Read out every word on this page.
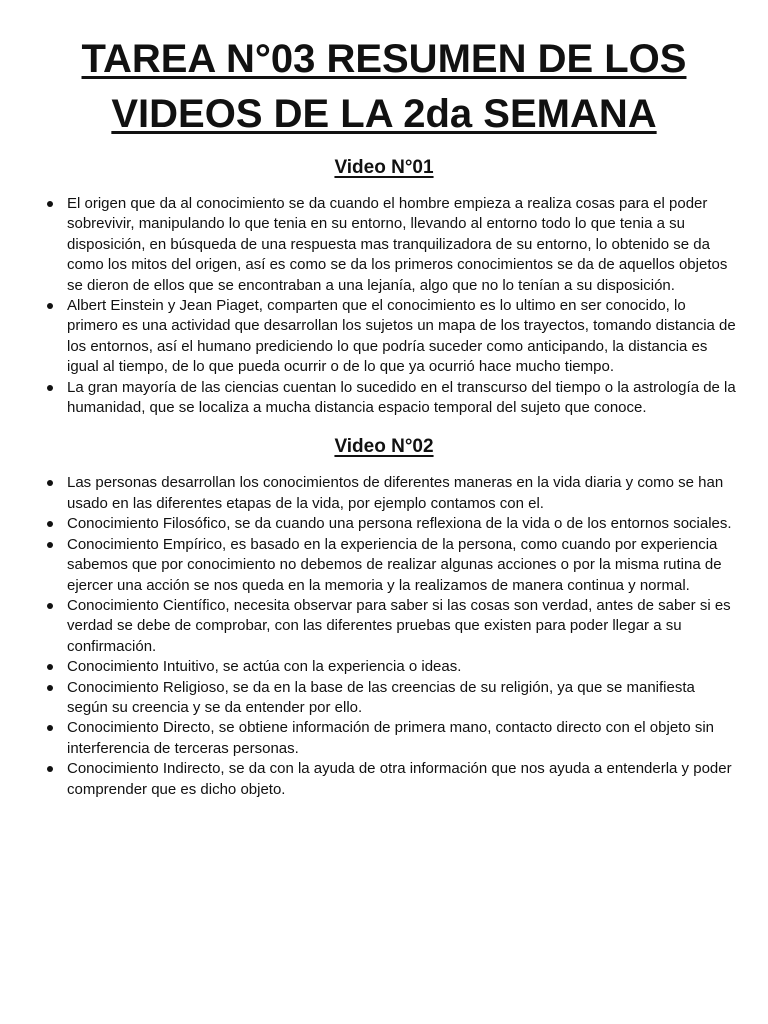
TAREA N°03 RESUMEN DE LOS VIDEOS DE LA 2da SEMANA
Video N°01
El origen que da al conocimiento se da cuando el hombre empieza a realiza cosas para el poder sobrevivir, manipulando lo que tenia en su entorno, llevando al entorno todo lo que tenia a su disposición, en búsqueda de una respuesta mas tranquilizadora de su entorno, lo obtenido se da como los mitos del origen, así es como se da los primeros conocimientos se da de aquellos objetos se dieron de ellos que se encontraban a una lejanía, algo que no lo tenían a su disposición.
Albert Einstein y Jean Piaget, comparten que el conocimiento es lo ultimo en ser conocido, lo primero es una actividad que desarrollan los sujetos un mapa de los trayectos, tomando distancia de los entornos, así el humano prediciendo lo que podría suceder como anticipando, la distancia es igual al tiempo, de lo que pueda ocurrir o de lo que ya ocurrió hace mucho tiempo.
La gran mayoría de las ciencias cuentan lo sucedido en el transcurso del tiempo o la astrología de la humanidad, que se localiza a mucha distancia espacio temporal del sujeto que conoce.
Video N°02
Las personas desarrollan los conocimientos de diferentes maneras en la vida diaria y como se han usado en las diferentes etapas de la vida, por ejemplo contamos con el.
Conocimiento Filosófico, se da cuando una persona reflexiona de la vida o de los entornos sociales.
Conocimiento Empírico, es basado en la experiencia de la persona, como cuando por experiencia sabemos que por conocimiento no debemos de realizar algunas acciones o por la misma rutina de ejercer una acción se nos queda en la memoria y la realizamos de manera continua y normal.
Conocimiento Científico, necesita observar para saber si las cosas son verdad, antes de saber si es verdad se debe de comprobar, con las diferentes pruebas que existen para poder llegar a su confirmación.
Conocimiento Intuitivo, se actúa con la experiencia o ideas.
Conocimiento Religioso, se da en la base de las creencias de su religión, ya que se manifiesta según su creencia y se da entender por ello.
Conocimiento Directo, se obtiene información de primera mano, contacto directo con el objeto sin interferencia de terceras personas.
Conocimiento Indirecto, se da con la ayuda de otra información que nos ayuda a entenderla y poder comprender que es dicho objeto.
